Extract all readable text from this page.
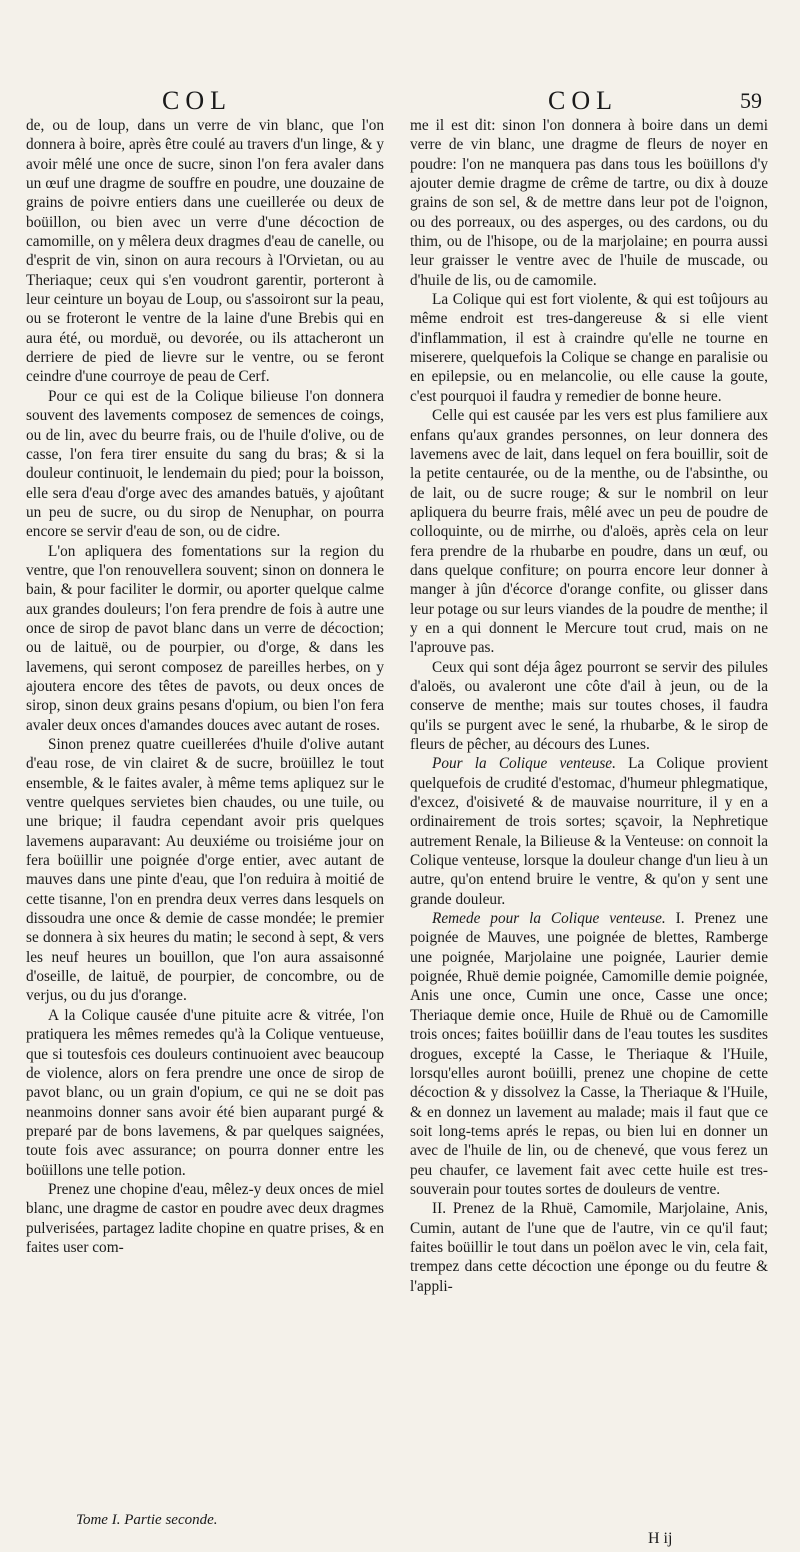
COL	COL	59

de, ou de loup, dans un verre de vin blanc, que l'on donnera à boire, après être coulé au travers d'un linge, & y avoir mêlé une once de sucre, sinon l'on fera avaler dans un œuf une dragme de souffre en poudre, une douzaine de grains de poivre entiers dans une cueillerée ou deux de boüillon, ou bien avec un verre d'une décoction de camomille, on y mêlera deux dragmes d'eau de canelle, ou d'esprit de vin, sinon on aura recours à l'Orvietan, ou au Theriaque; ceux qui s'en voudront garentir, porteront à leur ceinture un boyau de Loup, ou s'assoiront sur la peau, ou se froteront le ventre de la laine d'une Brebis qui en aura été, ou morduë, ou devorée, ou ils attacheront un derriere de pied de lievre sur le ventre, ou se feront ceindre d'une courroye de peau de Cerf.

Pour ce qui est de la Colique bilieuse l'on donnera souvent des lavements composez de semences de coings, ou de lin, avec du beurre frais, ou de l'huile d'olive, ou de casse, l'on fera tirer ensuite du sang du bras; & si la douleur continuoit, le lendemain du pied; pour la boisson, elle sera d'eau d'orge avec des amandes batuës, y ajoûtant un peu de sucre, ou du sirop de Nenuphar, on pourra encore se servir d'eau de son, ou de cidre.

L'on apliquera des fomentations sur la region du ventre, que l'on renouvellera souvent; sinon on donnera le bain, & pour faciliter le dormir, ou aporter quelque calme aux grandes douleurs; l'on fera prendre de fois à autre une once de sirop de pavot blanc dans un verre de décoction; ou de laituë, ou de pourpier, ou d'orge, & dans les lavemens, qui seront composez de pareilles herbes, on y ajoutera encore des têtes de pavots, ou deux onces de sirop, sinon deux grains pesans d'opium, ou bien l'on fera avaler deux onces d'amandes douces avec autant de roses.

Sinon prenez quatre cueillerées d'huile d'olive autant d'eau rose, de vin clairet & de sucre, broüillez le tout ensemble, & le faites avaler, à même tems apliquez sur le ventre quelques servietes bien chaudes, ou une tuile, ou une brique; il faudra cependant avoir pris quelques lavemens auparavant: Au deuxiéme ou troisiéme jour on fera boüillir une poignée d'orge entier, avec autant de mauves dans une pinte d'eau, que l'on reduira à moitié de cette tisanne, l'on en prendra deux verres dans lesquels on dissoudra une once & demie de casse mondée; le premier se donnera à six heures du matin; le second à sept, & vers les neuf heures un bouillon, que l'on aura assaisonné d'oseille, de laituë, de pourpier, de concombre, ou de verjus, ou du jus d'orange.

A la Colique causée d'une pituite acre & vitrée, l'on pratiquera les mêmes remedes qu'à la Colique ventueuse, que si toutesfois ces douleurs continuoient avec beaucoup de violence, alors on fera prendre une once de sirop de pavot blanc, ou un grain d'opium, ce qui ne se doit pas neanmoins donner sans avoir été bien auparant purgé & preparé par de bons lavemens, & par quelques saignées, toute fois avec assurance; on pourra donner entre les boüillons une telle potion.

Prenez une chopine d'eau, mêlez-y deux onces de miel blanc, une dragme de castor en poudre avec deux dragmes pulverisées, partagez ladite chopine en quatre prises, & en faites user com-

me il est dit: sinon l'on donnera à boire dans un demi verre de vin blanc, une dragme de fleurs de noyer en poudre: l'on ne manquera pas dans tous les boüillons d'y ajouter demie dragme de crême de tartre, ou dix à douze grains de son sel, & de mettre dans leur pot de l'oignon, ou des porreaux, ou des asperges, ou des cardons, ou du thim, ou de l'hisope, ou de la marjolaine; en pourra aussi leur graisser le ventre avec de l'huile de muscade, ou d'huile de lis, ou de camomile.

La Colique qui est fort violente, & qui est toûjours au même endroit est tres-dangereuse & si elle vient d'inflammation, il est à craindre qu'elle ne tourne en miserere, quelquefois la Colique se change en paralisie ou en epilepsie, ou en melancolie, ou elle cause la goute, c'est pourquoi il faudra y remedier de bonne heure.

Celle qui est causée par les vers est plus familiere aux enfans qu'aux grandes personnes, on leur donnera des lavemens avec de lait, dans lequel on fera bouillir, soit de la petite centaurée, ou de la menthe, ou de l'absinthe, ou de lait, ou de sucre rouge; & sur le nombril on leur apliquera du beurre frais, mêlé avec un peu de poudre de colloquinte, ou de mirrhe, ou d'aloës, après cela on leur fera prendre de la rhubarbe en poudre, dans un œuf, ou dans quelque confiture; on pourra encore leur donner à manger à jûn d'écorce d'orange confite, ou glisser dans leur potage ou sur leurs viandes de la poudre de menthe; il y en a qui donnent le Mercure tout crud, mais on ne l'aprouve pas.

Ceux qui sont déja âgez pourront se servir des pilules d'aloës, ou avaleront une côte d'ail à jeun, ou de la conserve de menthe; mais sur toutes choses, il faudra qu'ils se purgent avec le sené, la rhubarbe, & le sirop de fleurs de pêcher, au décours des Lunes.

Pour la Colique venteuse. La Colique provient quelquefois de crudité d'estomac, d'humeur phlegmatique, d'excez, d'oisiveté & de mauvaise nourriture, il y en a ordinairement de trois sortes; sçavoir, la Nephretique autrement Renale, la Bilieuse & la Venteuse: on connoit la Colique venteuse, lorsque la douleur change d'un lieu à un autre, qu'on entend bruire le ventre, & qu'on y sent une grande douleur.

Remede pour la Colique venteuse. I. Prenez une poignée de Mauves, une poignée de blettes, Ramberge une poignée, Marjolaine une poignée, Laurier demie poignée, Rhuë demie poignée, Camomille demie poignée, Anis une once, Cumin une once, Casse une once; Theriaque demie once, Huile de Rhuë ou de Camomille trois onces; faites boüillir dans de l'eau toutes les susdites drogues, excepté la Casse, le Theriaque & l'Huile, lorsqu'elles auront boüilli, prenez une chopine de cette décoction & y dissolvez la Casse, la Theriaque & l'Huile, & en donnez un lavement au malade; mais il faut que ce soit long-tems aprés le repas, ou bien lui en donner un avec de l'huile de lin, ou de chenevé, que vous ferez un peu chaufer, ce lavement fait avec cette huile est tres-souverain pour toutes sortes de douleurs de ventre.

II. Prenez de la Rhuë, Camomile, Marjolaine, Anis, Cumin, autant de l'une que de l'autre, vin ce qu'il faut; faites boüillir le tout dans un poëlon avec le vin, cela fait, trempez dans cette décoction une éponge ou du feutre & l'appli-

Tome I. Partie seconde.
H ij
